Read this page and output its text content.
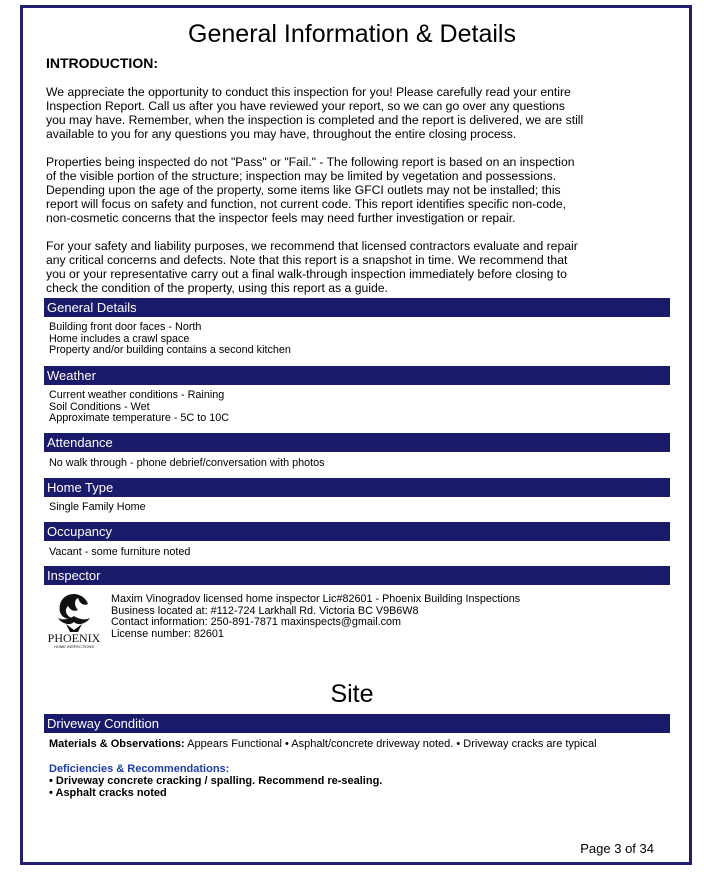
General Information & Details
INTRODUCTION:
We appreciate the opportunity to conduct this inspection for you! Please carefully read your entire
Inspection Report. Call us after you have reviewed your report, so we can go over any questions
you may have. Remember, when the inspection is completed and the report is delivered, we are still
available to you for any questions you may have, throughout the entire closing process.
Properties being inspected do not "Pass" or "Fail." - The following report is based on an inspection
of the visible portion of the structure; inspection may be limited by vegetation and possessions.
Depending upon the age of the property, some items like GFCI outlets may not be installed; this
report will focus on safety and function, not current code. This report identifies specific non-code,
non-cosmetic concerns that the inspector feels may need further investigation or repair.
For your safety and liability purposes, we recommend that licensed contractors evaluate and repair
any critical concerns and defects. Note that this report is a snapshot in time. We recommend that
you or your representative carry out a final walk-through inspection immediately before closing to
check the condition of the property, using this report as a guide.
General Details
Building front door faces - North
Home includes a crawl space
Property and/or building contains a second kitchen
Weather
Current weather conditions - Raining
Soil Conditions - Wet
Approximate temperature - 5C to 10C
Attendance
No walk through - phone debrief/conversation with photos
Home Type
Single Family Home
Occupancy
Vacant - some furniture noted
Inspector
PHOENIX
HOME INSPECTIONS
Maxim Vinogradov licensed home inspector Lic#82601 - Phoenix Building Inspections
Business located at: #112-724 Larkhall Rd. Victoria BC V9B6W8
Contact information: 250-891-7871 maxinspects@gmail.com
License number: 82601
Site
Driveway Condition
Materials & Observations: Appears Functional • Asphalt/concrete driveway noted. • Driveway cracks are typical
Deficiencies & Recommendations:
• Driveway concrete cracking / spalling. Recommend re-sealing.
• Asphalt cracks noted
Page 3 of 34
